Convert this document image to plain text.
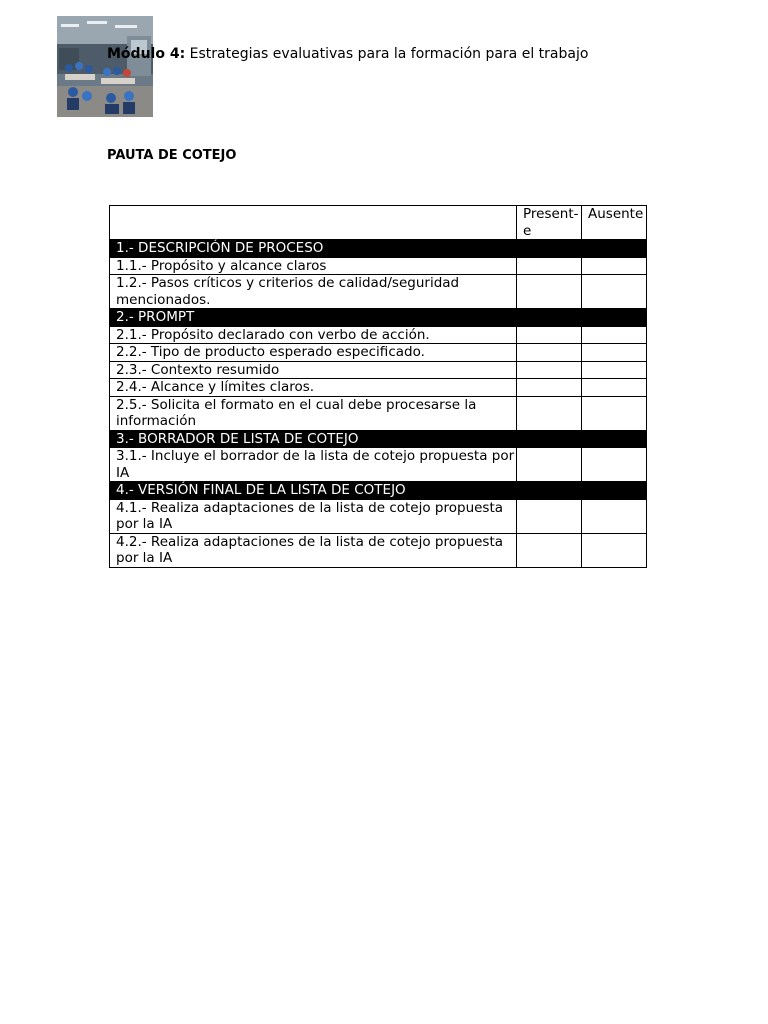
Módulo 4: Estrategias evaluativas para la formación para el trabajo
PAUTA DE COTEJO
	Presente	Ausente
1.- DESCRIPCIÓN DE PROCESO		
1.1.- Propósito y alcance claros		
1.2.- Pasos críticos y criterios de calidad/seguridad mencionados.		
2.- PROMPT		
2.1.- Propósito declarado con verbo de acción.		
2.2.- Tipo de producto esperado especificado.		
2.3.- Contexto resumido		
2.4.- Alcance y límites claros.		
2.5.- Solicita el formato en el cual debe procesarse la información		
3.- BORRADOR DE LISTA DE COTEJO		
3.1.- Incluye el borrador de la lista de cotejo propuesta por IA		
4.- VERSIÓN FINAL DE LA LISTA DE COTEJO		
4.1.- Realiza adaptaciones de la lista de cotejo propuesta por la IA		
4.2.- Realiza adaptaciones de la lista de cotejo propuesta por la IA		
